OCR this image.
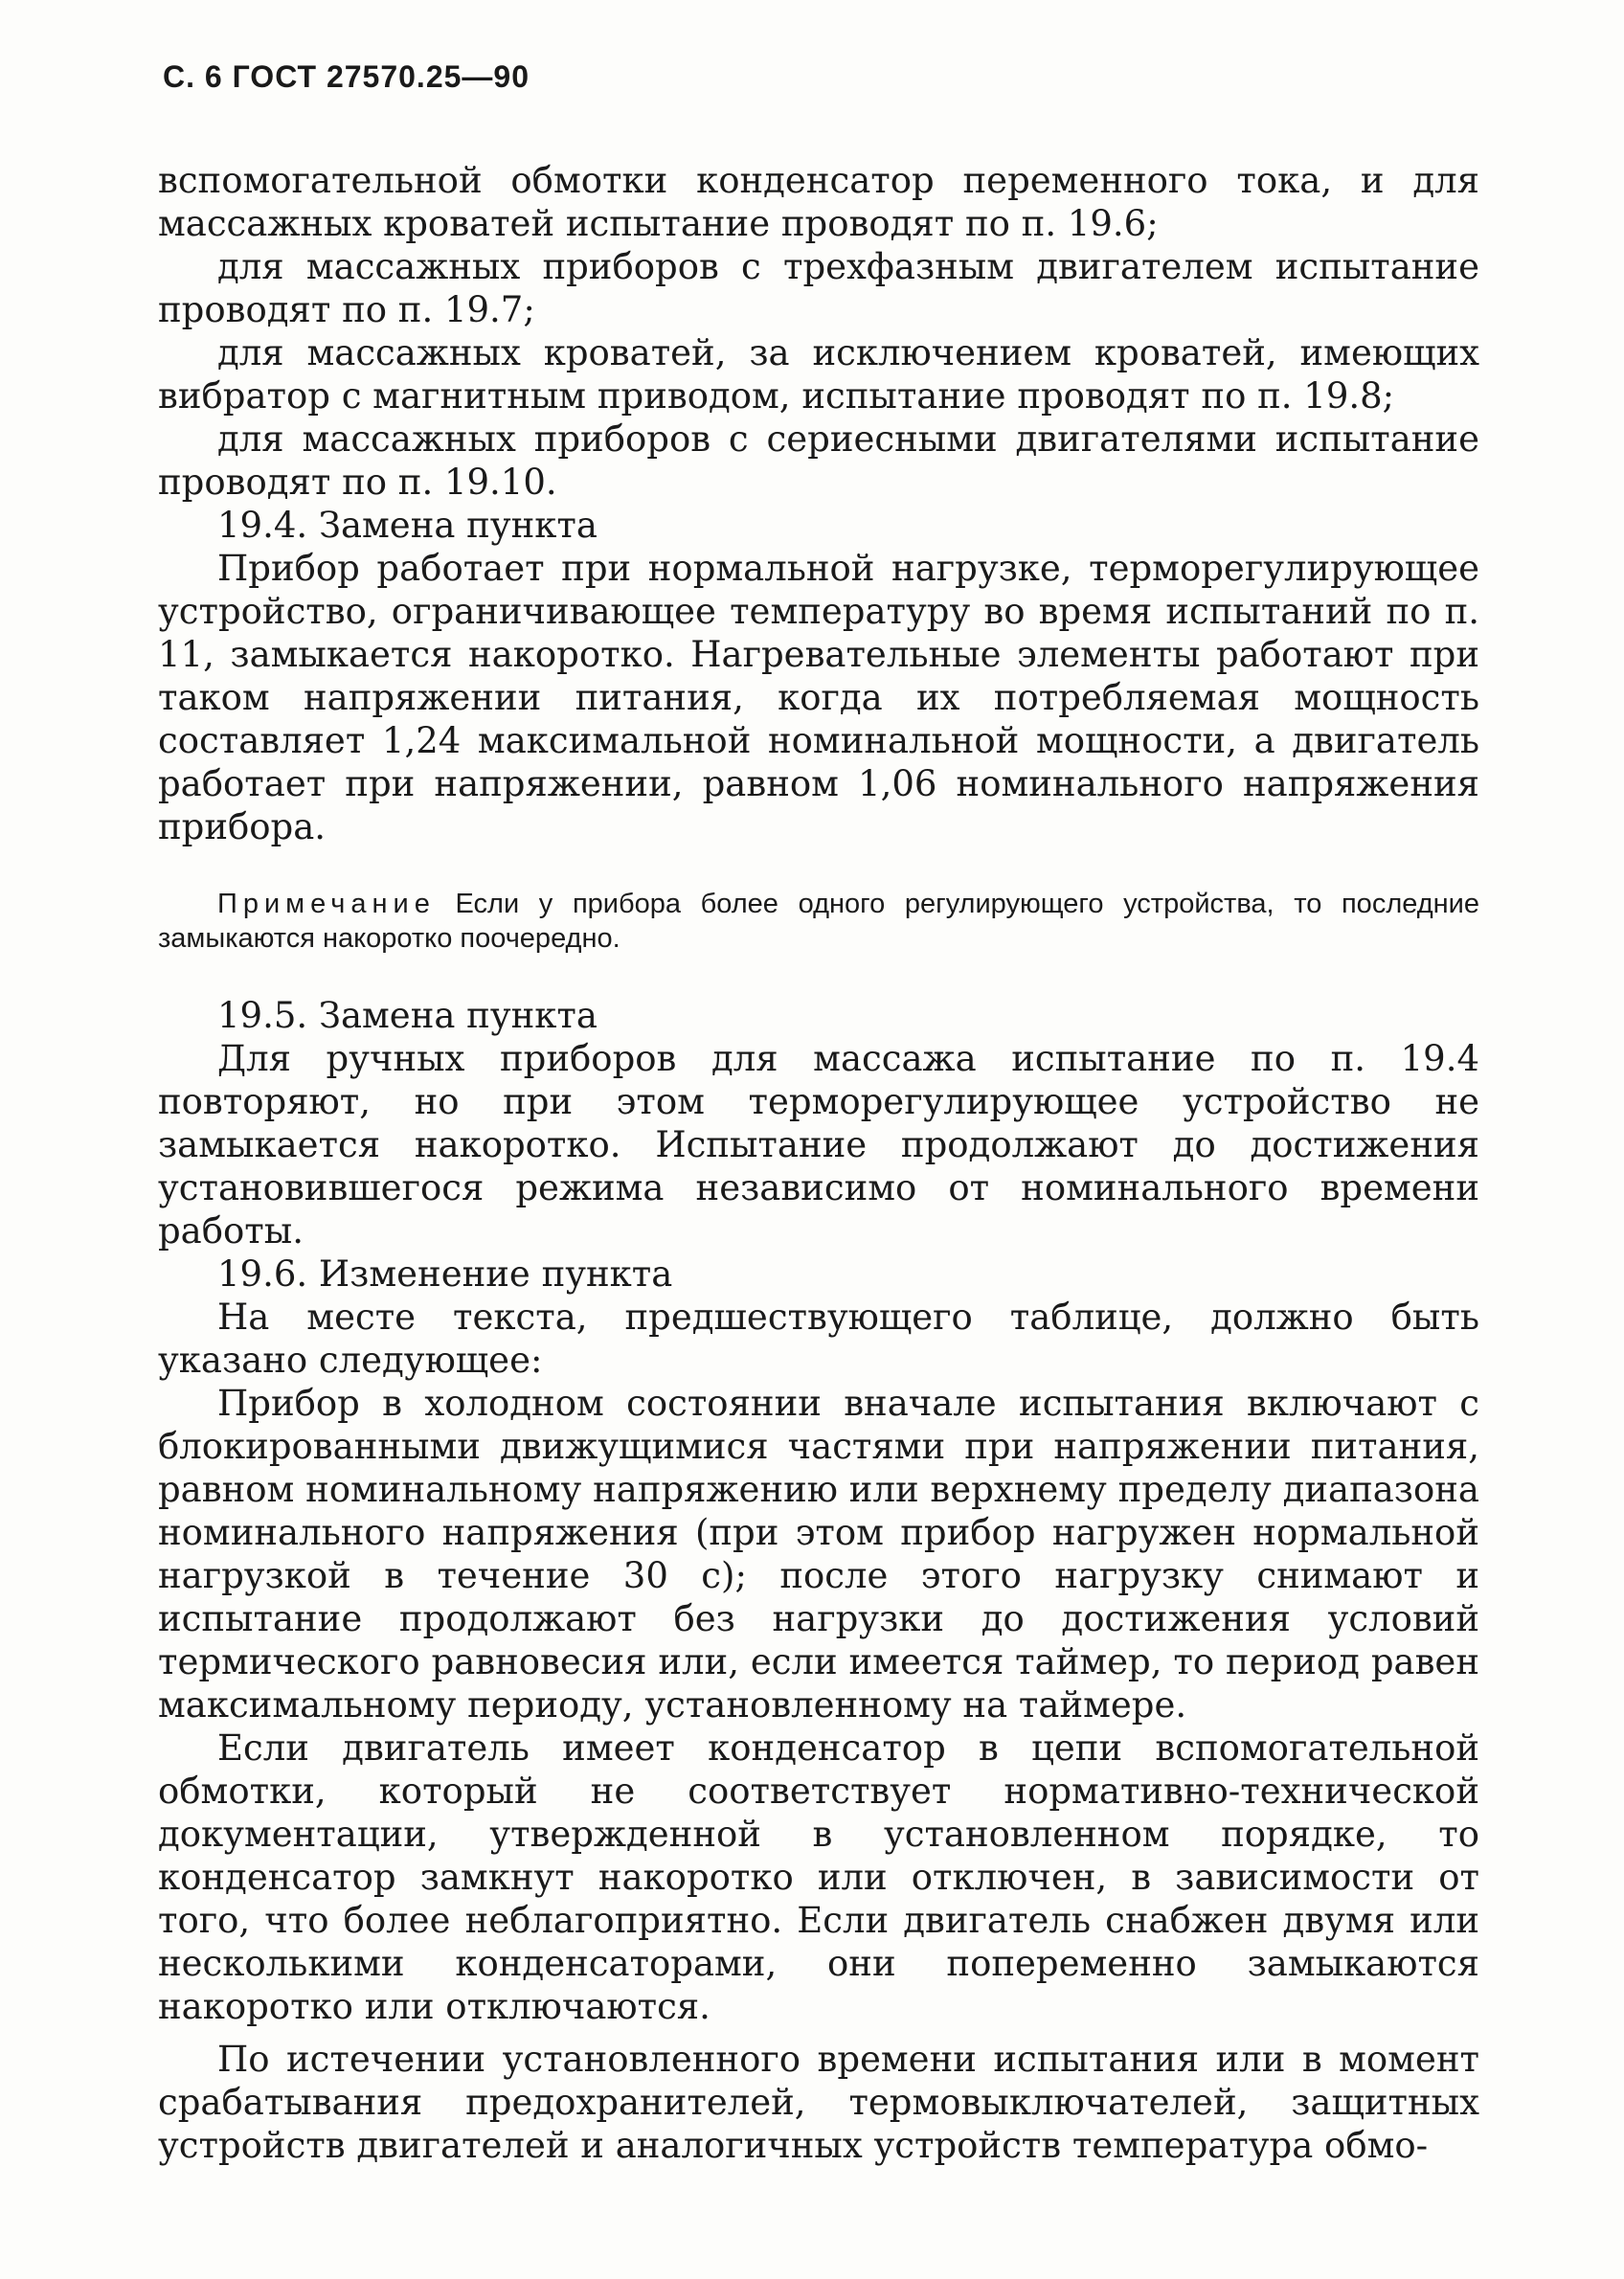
С. 6 ГОСТ 27570.25—90

вспомогательной обмотки конденсатор переменного тока, и для массажных кроватей испытание проводят по п. 19.6;

для массажных приборов с трехфазным двигателем испытание проводят по п. 19.7;

для массажных кроватей, за исключением кроватей, имеющих вибратор с магнитным приводом, испытание проводят по п. 19.8;

для массажных приборов с сериесными двигателями испытание проводят по п. 19.10.

19.4. Замена пункта

Прибор работает при нормальной нагрузке, терморегулирующее устройство, ограничивающее температуру во время испытаний по п. 11, замыкается накоротко. Нагревательные элементы работают при таком напряжении питания, когда их потребляемая мощность составляет 1,24 максимальной номинальной мощности, а двигатель работает при напряжении, равном 1,06 номинального напряжения прибора.

Примечание Если у прибора более одного регулирующего устройства, то последние замыкаются накоротко поочередно.

19.5. Замена пункта

Для ручных приборов для массажа испытание по п. 19.4 повторяют, но при этом терморегулирующее устройство не замыкается накоротко. Испытание продолжают до достижения установившегося режима независимо от номинального времени работы.

19.6. Изменение пункта

На месте текста, предшествующего таблице, должно быть указано следующее:

Прибор в холодном состоянии вначале испытания включают с блокированными движущимися частями при напряжении питания, равном номинальному напряжению или верхнему пределу диапазона номинального напряжения (при этом прибор нагружен нормальной нагрузкой в течение 30 с); после этого нагрузку снимают и испытание продолжают без нагрузки до достижения условий термического равновесия или, если имеется таймер, то период равен максимальному периоду, установленному на таймере.

Если двигатель имеет конденсатор в цепи вспомогательной обмотки, который не соответствует нормативно-технической документации, утвержденной в установленном порядке, то конденсатор замкнут накоротко или отключен, в зависимости от того, что более неблагоприятно. Если двигатель снабжен двумя или несколькими конденсаторами, они попеременно замыкаются накоротко или отключаются.

По истечении установленного времени испытания или в момент срабатывания предохранителей, термовыключателей, защитных устройств двигателей и аналогичных устройств температура обмо-
